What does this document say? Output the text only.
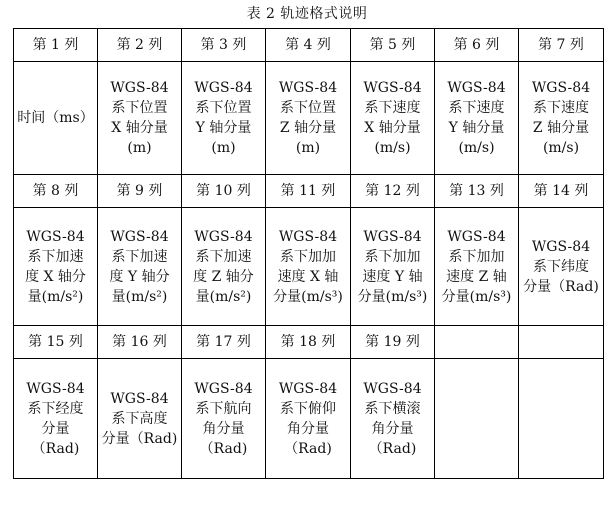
表 2 轨迹格式说明
第 1 列	第 2 列	第 3 列	第 4 列	第 5 列	第 6 列	第 7 列

时间（ms）	WGS-84
系下位置
X 轴分量
(m)	WGS-84
系下位置
Y 轴分量
(m)	WGS-84
系下位置
Z 轴分量
(m)	WGS-84
系下速度
X 轴分量
(m/s)	WGS-84
系下速度
Y 轴分量
(m/s)	WGS-84
系下速度
Z 轴分量
(m/s)

第 8 列	第 9 列	第 10 列	第 11 列	第 12 列	第 13 列	第 14 列

WGS-84
系下加速
度 X 轴分
量(m/s²)	WGS-84
系下加速
度 Y 轴分
量(m/s²)	WGS-84
系下加速
度 Z 轴分
量(m/s²)	WGS-84
系下加加
速度 X 轴
分量(m/s³)	WGS-84
系下加加
速度 Y 轴
分量(m/s³)	WGS-84
系下加加
速度 Z 轴
分量(m/s³)	WGS-84
系下纬度
分量（Rad)

第 15 列	第 16 列	第 17 列	第 18 列	第 19 列		

WGS-84
系下经度
分量
（Rad)	WGS-84
系下高度
分量（Rad)	WGS-84
系下航向
角分量
（Rad)	WGS-84
系下俯仰
角分量
（Rad)	WGS-84
系下横滚
角分量
（Rad)		
